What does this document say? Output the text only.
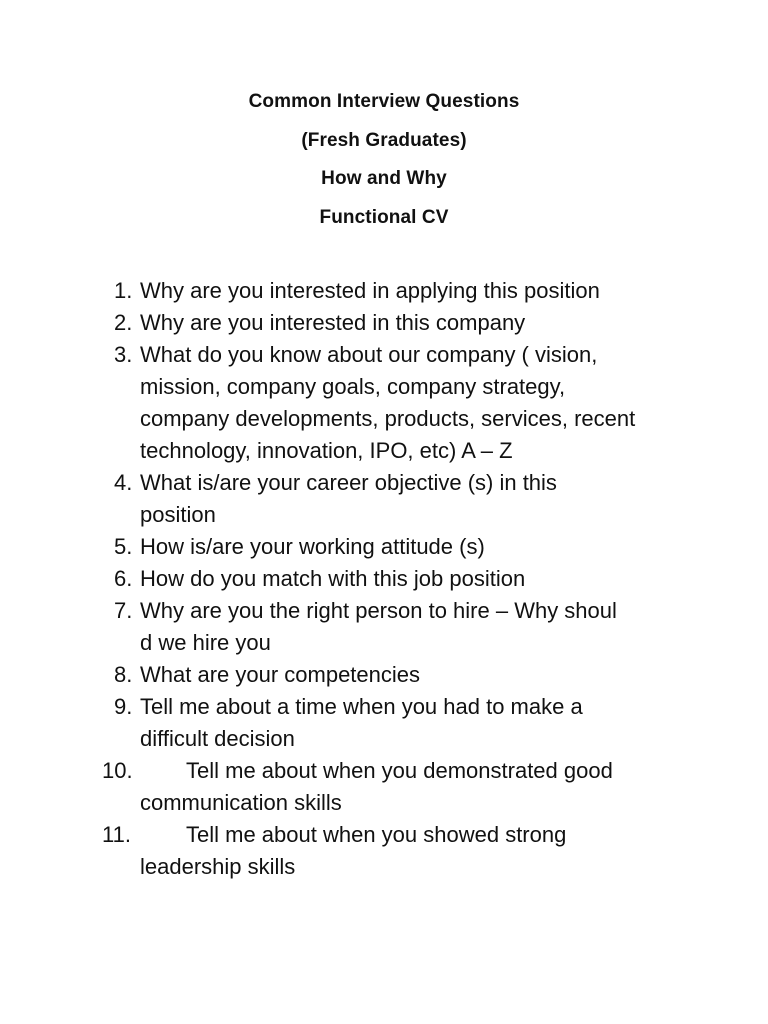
Common Interview Questions
(Fresh Graduates)
How and Why
Functional CV
1. Why are you interested in applying this position
2. Why are you interested in this company
3. What do you know about our company ( vision,
mission, company goals, company strategy,
company developments, products, services, recent
technology, innovation, IPO, etc) A – Z
4. What is/are your career objective (s) in this
position
5. How is/are your working attitude (s)
6. How do you match with this job position
7. Why are you the right person to hire – Why shoul
d we hire you
8. What are your competencies
9. Tell me about a time when you had to make a
difficult decision
10.	Tell me about when you demonstrated good
communication skills
11.	Tell me about when you showed strong
leadership skills
